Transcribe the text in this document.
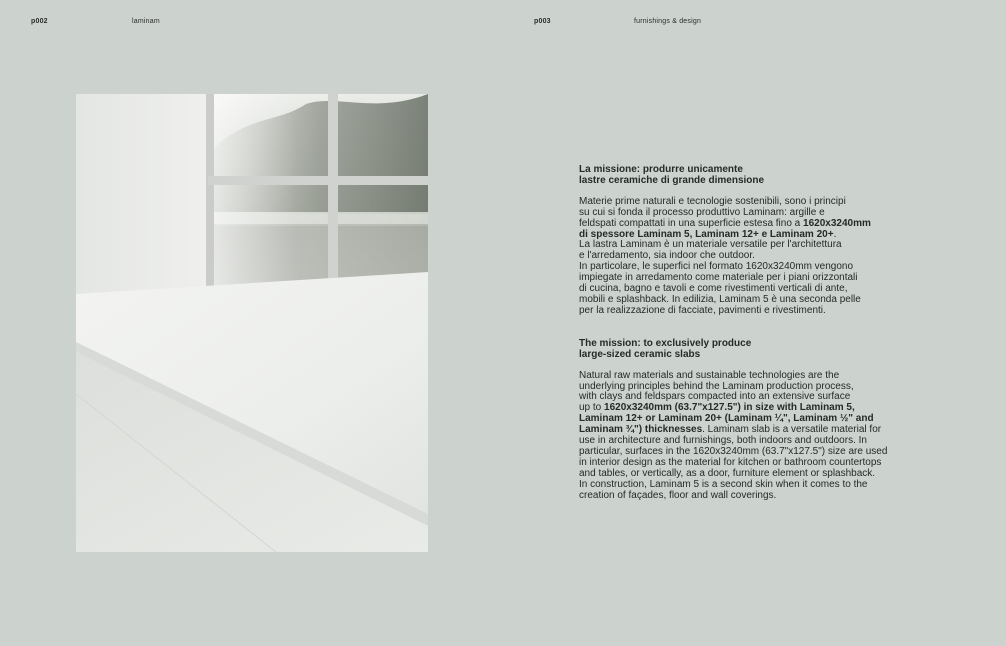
p002	laminam	p003	furnishings & design
La missione: produrre unicamente
lastre ceramiche di grande dimensione

Materie prime naturali e tecnologie sostenibili, sono i principi
su cui si fonda il processo produttivo Laminam: argille e
feldspati compattati in una superficie estesa fino a 1620x3240mm
di spessore Laminam 5, Laminam 12+ e Laminam 20+.
La lastra Laminam è un materiale versatile per l'architettura
e l'arredamento, sia indoor che outdoor.
In particolare, le superfici nel formato 1620x3240mm vengono
impiegate in arredamento come materiale per i piani orizzontali
di cucina, bagno e tavoli e come rivestimenti verticali di ante,
mobili e splashback. In edilizia, Laminam 5 è una seconda pelle
per la realizzazione di facciate, pavimenti e rivestimenti.

The mission: to exclusively produce
large-sized ceramic slabs

Natural raw materials and sustainable technologies are the
underlying principles behind the Laminam production process,
with clays and feldspars compacted into an extensive surface
up to 1620x3240mm (63.7"x127.5") in size with Laminam 5,
Laminam 12+ or Laminam 20+ (Laminam ¼", Laminam ½" and
Laminam ¾") thicknesses. Laminam slab is a versatile material for
use in architecture and furnishings, both indoors and outdoors. In
particular, surfaces in the 1620x3240mm (63.7"x127.5") size are used
in interior design as the material for kitchen or bathroom countertops
and tables, or vertically, as a door, furniture element or splashback.
In construction, Laminam 5 is a second skin when it comes to the
creation of façades, floor and wall coverings.
